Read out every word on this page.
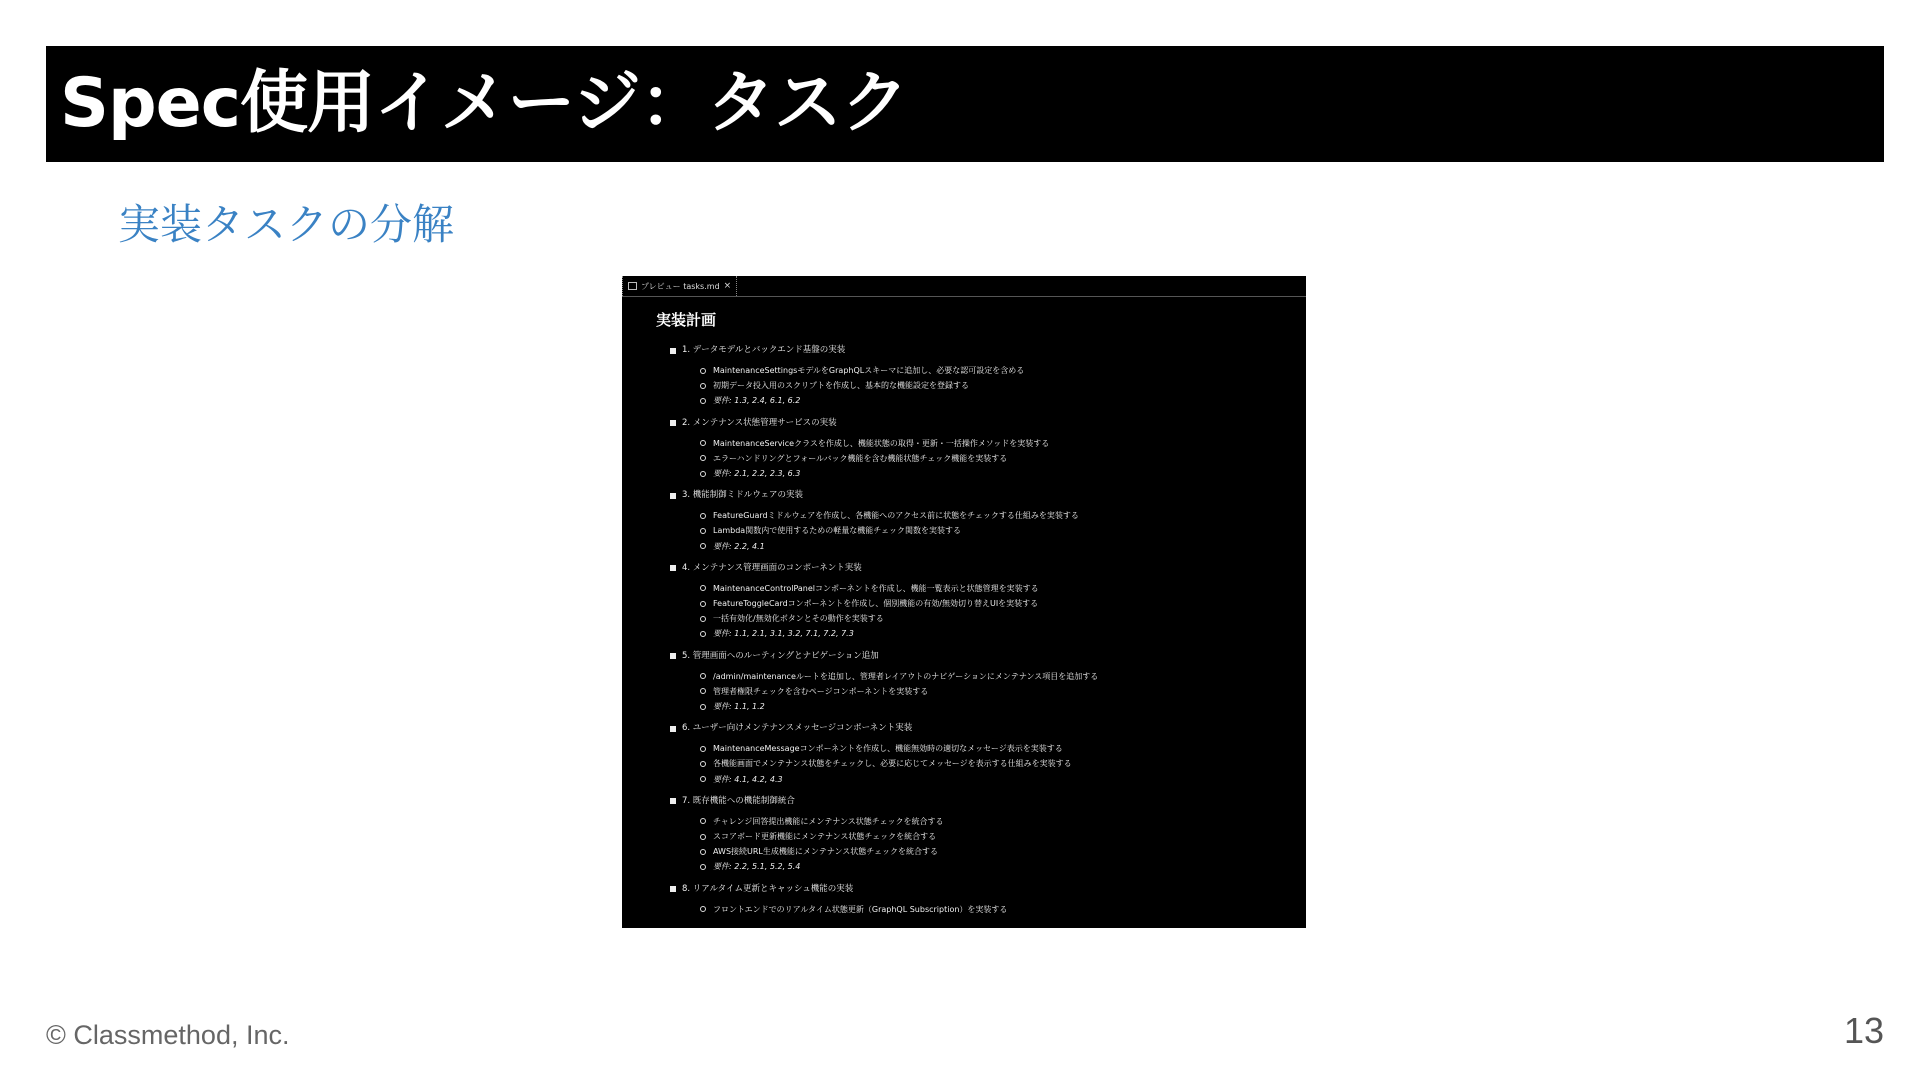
Spec使用イメージ：タスク
実装タスクの分解
プレビュー tasks.md ×
実装計画
1. データモデルとバックエンド基盤の実装
MaintenanceSettingsモデルをGraphQLスキーマに追加し、必要な認可設定を含める
初期データ投入用のスクリプトを作成し、基本的な機能設定を登録する
要件: 1.3, 2.4, 6.1, 6.2
2. メンテナンス状態管理サービスの実装
MaintenanceServiceクラスを作成し、機能状態の取得・更新・一括操作メソッドを実装する
エラーハンドリングとフォールバック機能を含む機能状態チェック機能を実装する
要件: 2.1, 2.2, 2.3, 6.3
3. 機能制御ミドルウェアの実装
FeatureGuardミドルウェアを作成し、各機能へのアクセス前に状態をチェックする仕組みを実装する
Lambda関数内で使用するための軽量な機能チェック関数を実装する
要件: 2.2, 4.1
4. メンテナンス管理画面のコンポーネント実装
MaintenanceControlPanelコンポーネントを作成し、機能一覧表示と状態管理を実装する
FeatureToggleCardコンポーネントを作成し、個別機能の有効/無効切り替えUIを実装する
一括有効化/無効化ボタンとその動作を実装する
要件: 1.1, 2.1, 3.1, 3.2, 7.1, 7.2, 7.3
5. 管理画面へのルーティングとナビゲーション追加
/admin/maintenanceルートを追加し、管理者レイアウトのナビゲーションにメンテナンス項目を追加する
管理者権限チェックを含むページコンポーネントを実装する
要件: 1.1, 1.2
6. ユーザー向けメンテナンスメッセージコンポーネント実装
MaintenanceMessageコンポーネントを作成し、機能無効時の適切なメッセージ表示を実装する
各機能画面でメンテナンス状態をチェックし、必要に応じてメッセージを表示する仕組みを実装する
要件: 4.1, 4.2, 4.3
7. 既存機能への機能制御統合
チャレンジ回答提出機能にメンテナンス状態チェックを統合する
スコアボード更新機能にメンテナンス状態チェックを統合する
AWS接続URL生成機能にメンテナンス状態チェックを統合する
要件: 2.2, 5.1, 5.2, 5.4
8. リアルタイム更新とキャッシュ機能の実装
フロントエンドでのリアルタイム状態更新（GraphQL Subscription）を実装する
© Classmethod, Inc.	13
